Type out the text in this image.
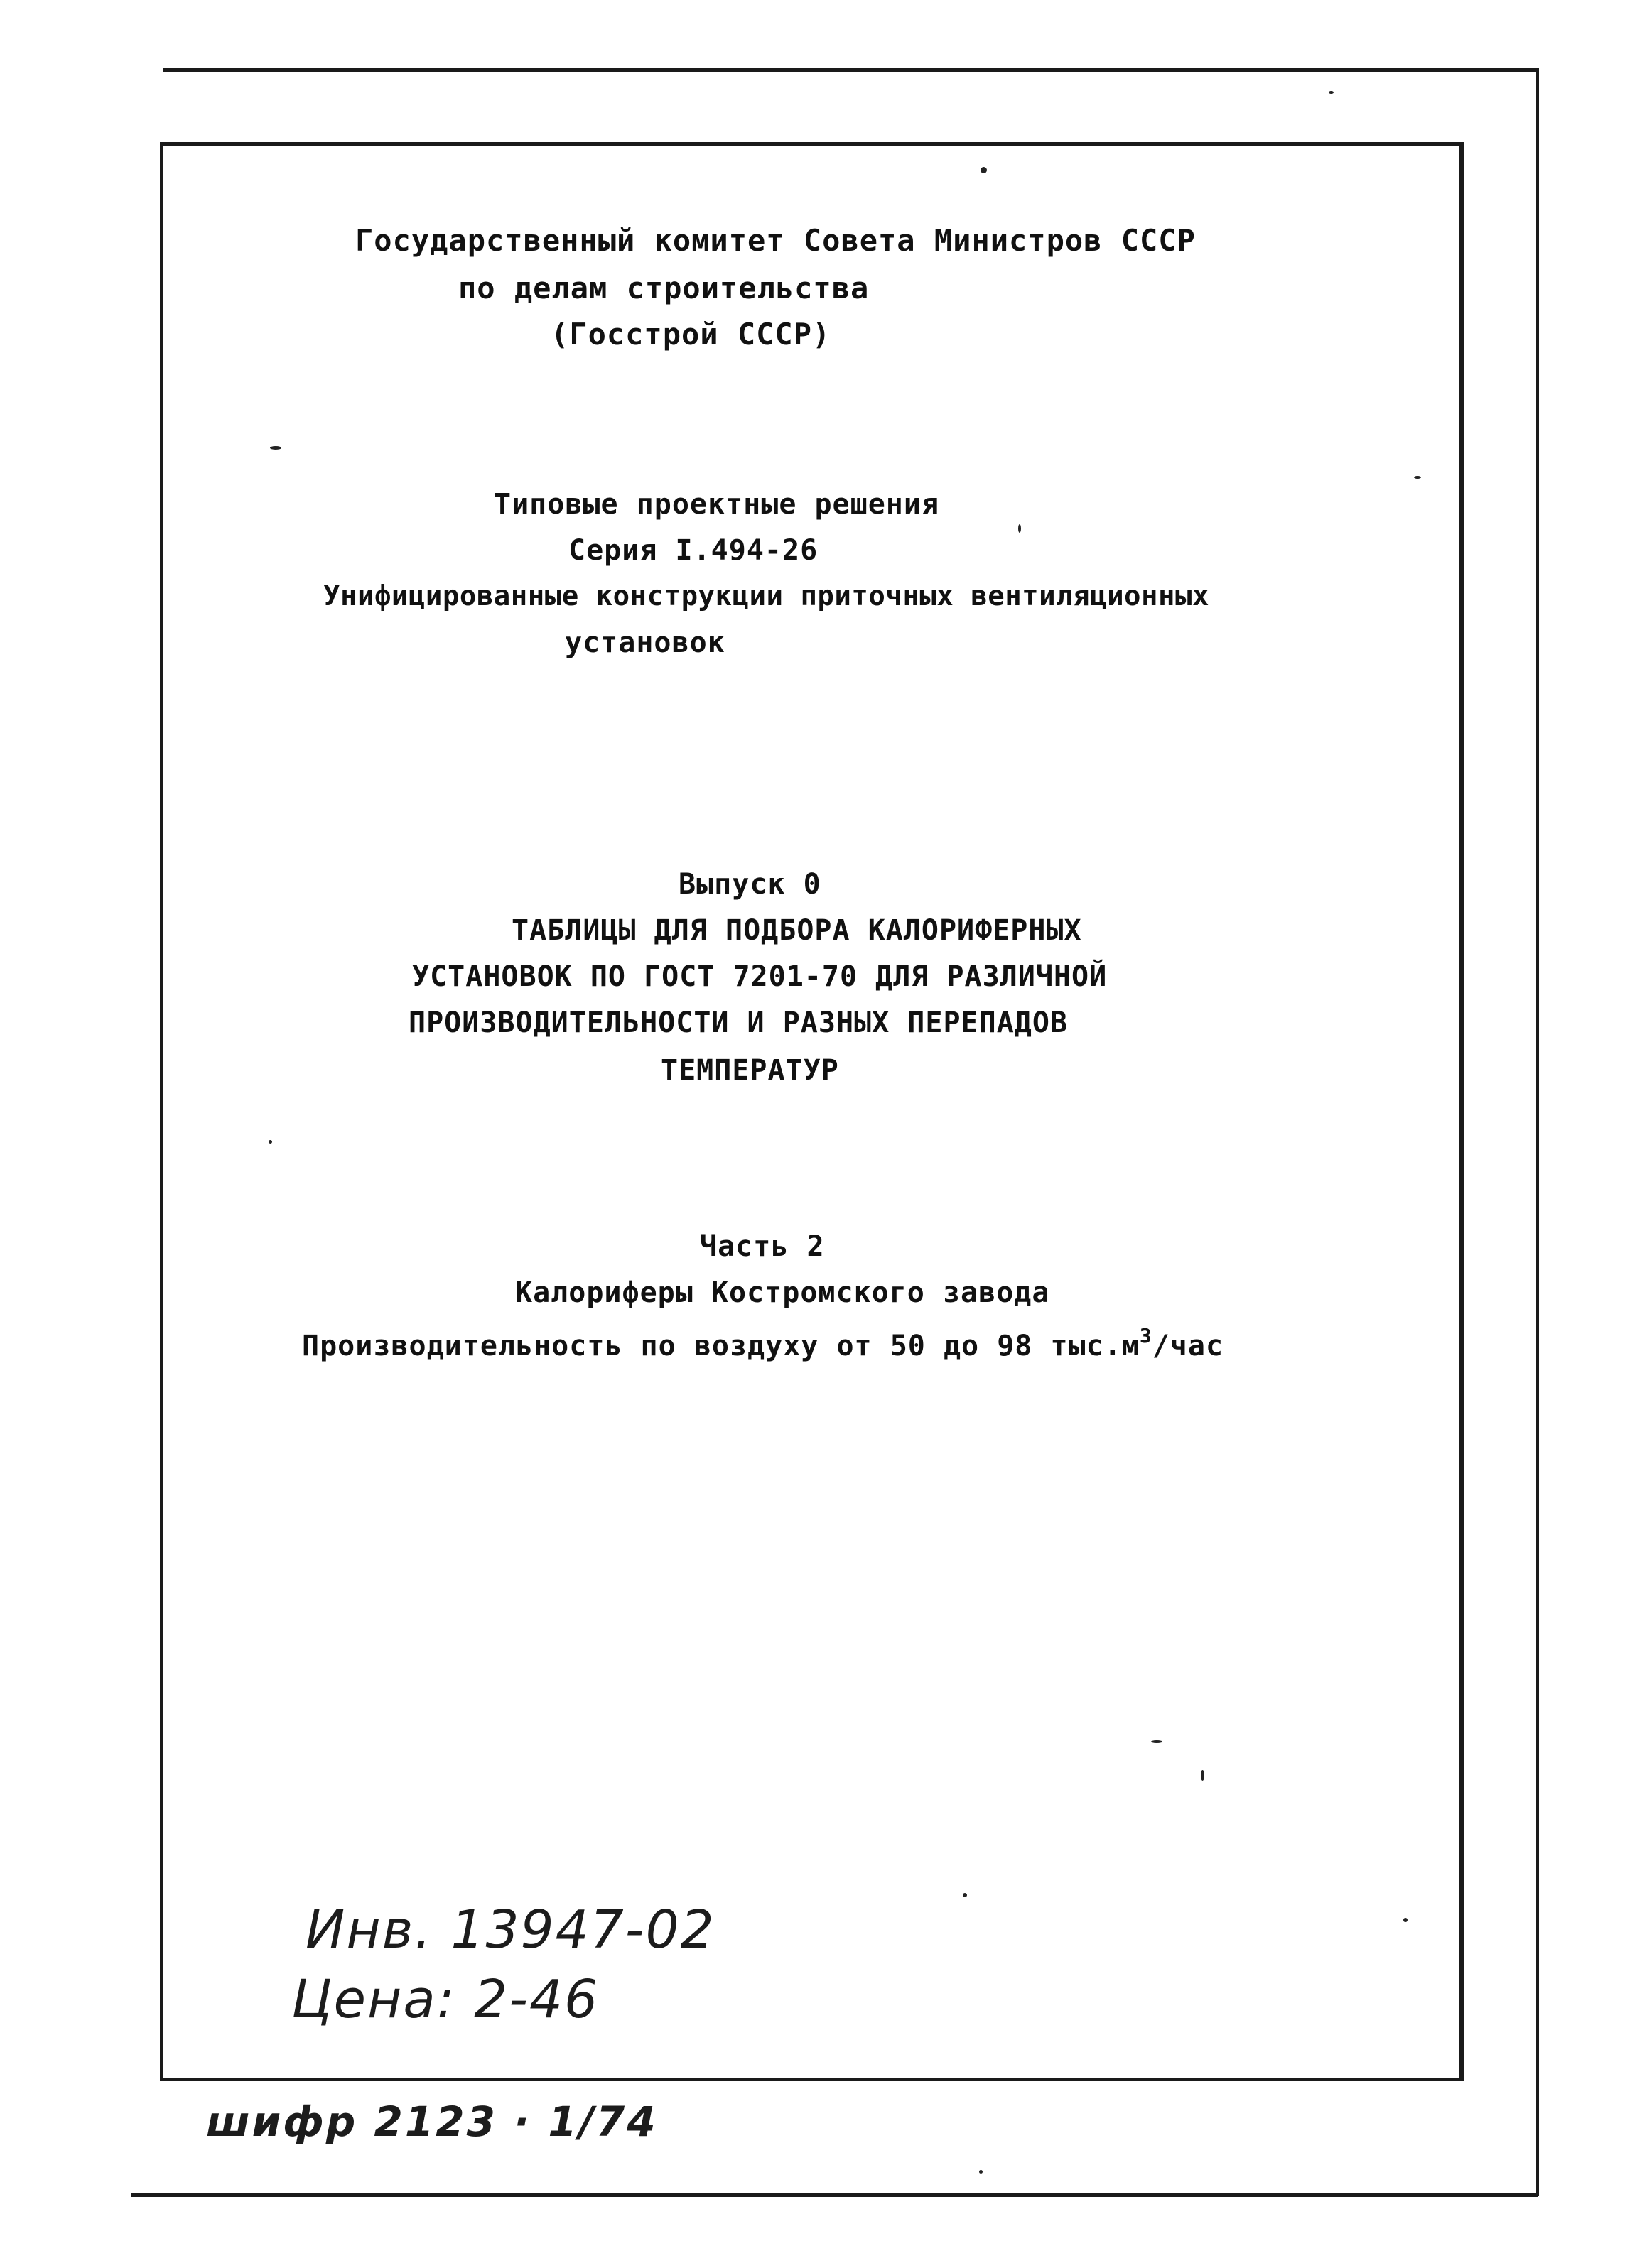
Государственный комитет Совета Министров СССР
по делам строительства
(Госстрой СССР)
Типовые проектные решения
Серия I.494-26
Унифицированные конструкции приточных вентиляционных
установок
Выпуск 0
ТАБЛИЦЫ ДЛЯ ПОДБОРА КАЛОРИФЕРНЫХ
УСТАНОВОК ПО ГОСТ 7201-70 ДЛЯ РАЗЛИЧНОЙ
ПРОИЗВОДИТЕЛЬНОСТИ И РАЗНЫХ ПЕРЕПАДОВ
ТЕМПЕРАТУР
Часть 2
Калориферы Костромского завода
Производительность по воздуху от 50 до 98 $тыс.м^3$/час
Инв. 13947-02
Цена: 2-46
шифр 2123 · 1/74
